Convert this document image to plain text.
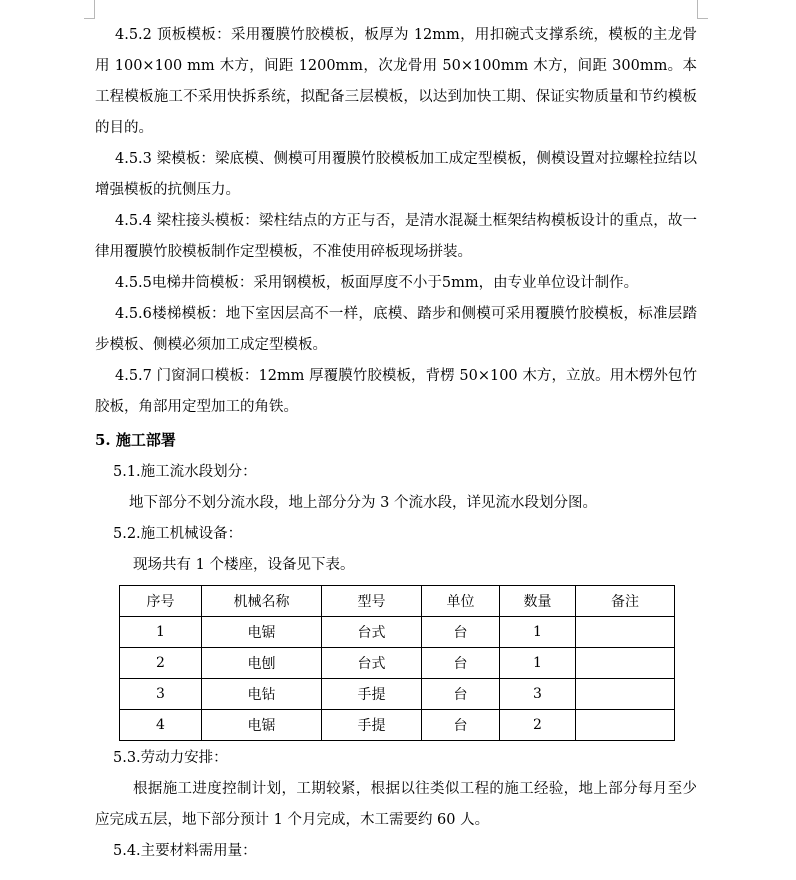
4.5.2 顶板模板：采用覆膜竹胶模板，板厚为 12mm，用扣碗式支撑系统，模板的主龙骨用 100×100 mm 木方，间距 1200mm，次龙骨用 50×100mm 木方，间距 300mm。本工程模板施工不采用快拆系统，拟配备三层模板，以达到加快工期、保证实物质量和节约模板的目的。

4.5.3 梁模板：梁底模、侧模可用覆膜竹胶模板加工成定型模板，侧模设置对拉螺栓拉结以增强模板的抗侧压力。

4.5.4 梁柱接头模板：梁柱结点的方正与否，是清水混凝土框架结构模板设计的重点，故一律用覆膜竹胶模板制作定型模板，不准使用碎板现场拼装。

4.5.5电梯井筒模板：采用钢模板，板面厚度不小于5mm，由专业单位设计制作。

4.5.6楼梯模板：地下室因层高不一样，底模、踏步和侧模可采用覆膜竹胶模板，标准层踏步模板、侧模必须加工成定型模板。

4.5.7 门窗洞口模板：12mm 厚覆膜竹胶模板，背楞 50×100 木方，立放。用木楞外包竹胶板，角部用定型加工的角铁。

5. 施工部署

5.1.施工流水段划分：

地下部分不划分流水段，地上部分分为 3 个流水段，详见流水段划分图。

5.2.施工机械设备：

现场共有 1 个楼座，设备见下表。

序号	机械名称	型号	单位	数量	备注
1	电锯	台式	台	1	
2	电刨	台式	台	1	
3	电钻	手提	台	3	
4	电锯	手提	台	2	

5.3.劳动力安排：

根据施工进度控制计划，工期较紧，根据以往类似工程的施工经验，地上部分每月至少应完成五层，地下部分预计 1 个月完成，木工需要约 60 人。

5.4.主要材料需用量：
